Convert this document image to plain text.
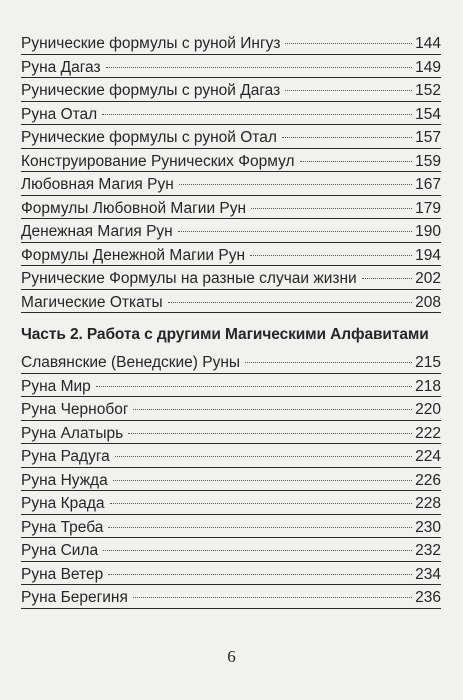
Рунические формулы с руной Ингуз	144
Руна Дагаз	149
Рунические формулы с руной Дагаз	152
Руна Отал	154
Рунические формулы с руной Отал	157
Конструирование Рунических Формул	159
Любовная Магия Рун	167
Формулы Любовной Магии Рун	179
Денежная Магия Рун	190
Формулы Денежной Магии Рун	194
Рунические Формулы на разные случаи жизни	202
Магические Откаты	208
Часть 2. Работа с другими Магическими Алфавитами
Славянские (Венедские) Руны	215
Руна Мир	218
Руна Чернобог	220
Руна Алатырь	222
Руна Радуга	224
Руна Нужда	226
Руна Крада	228
Руна Треба	230
Руна Сила	232
Руна Ветер	234
Руна Берегиня	236
6
